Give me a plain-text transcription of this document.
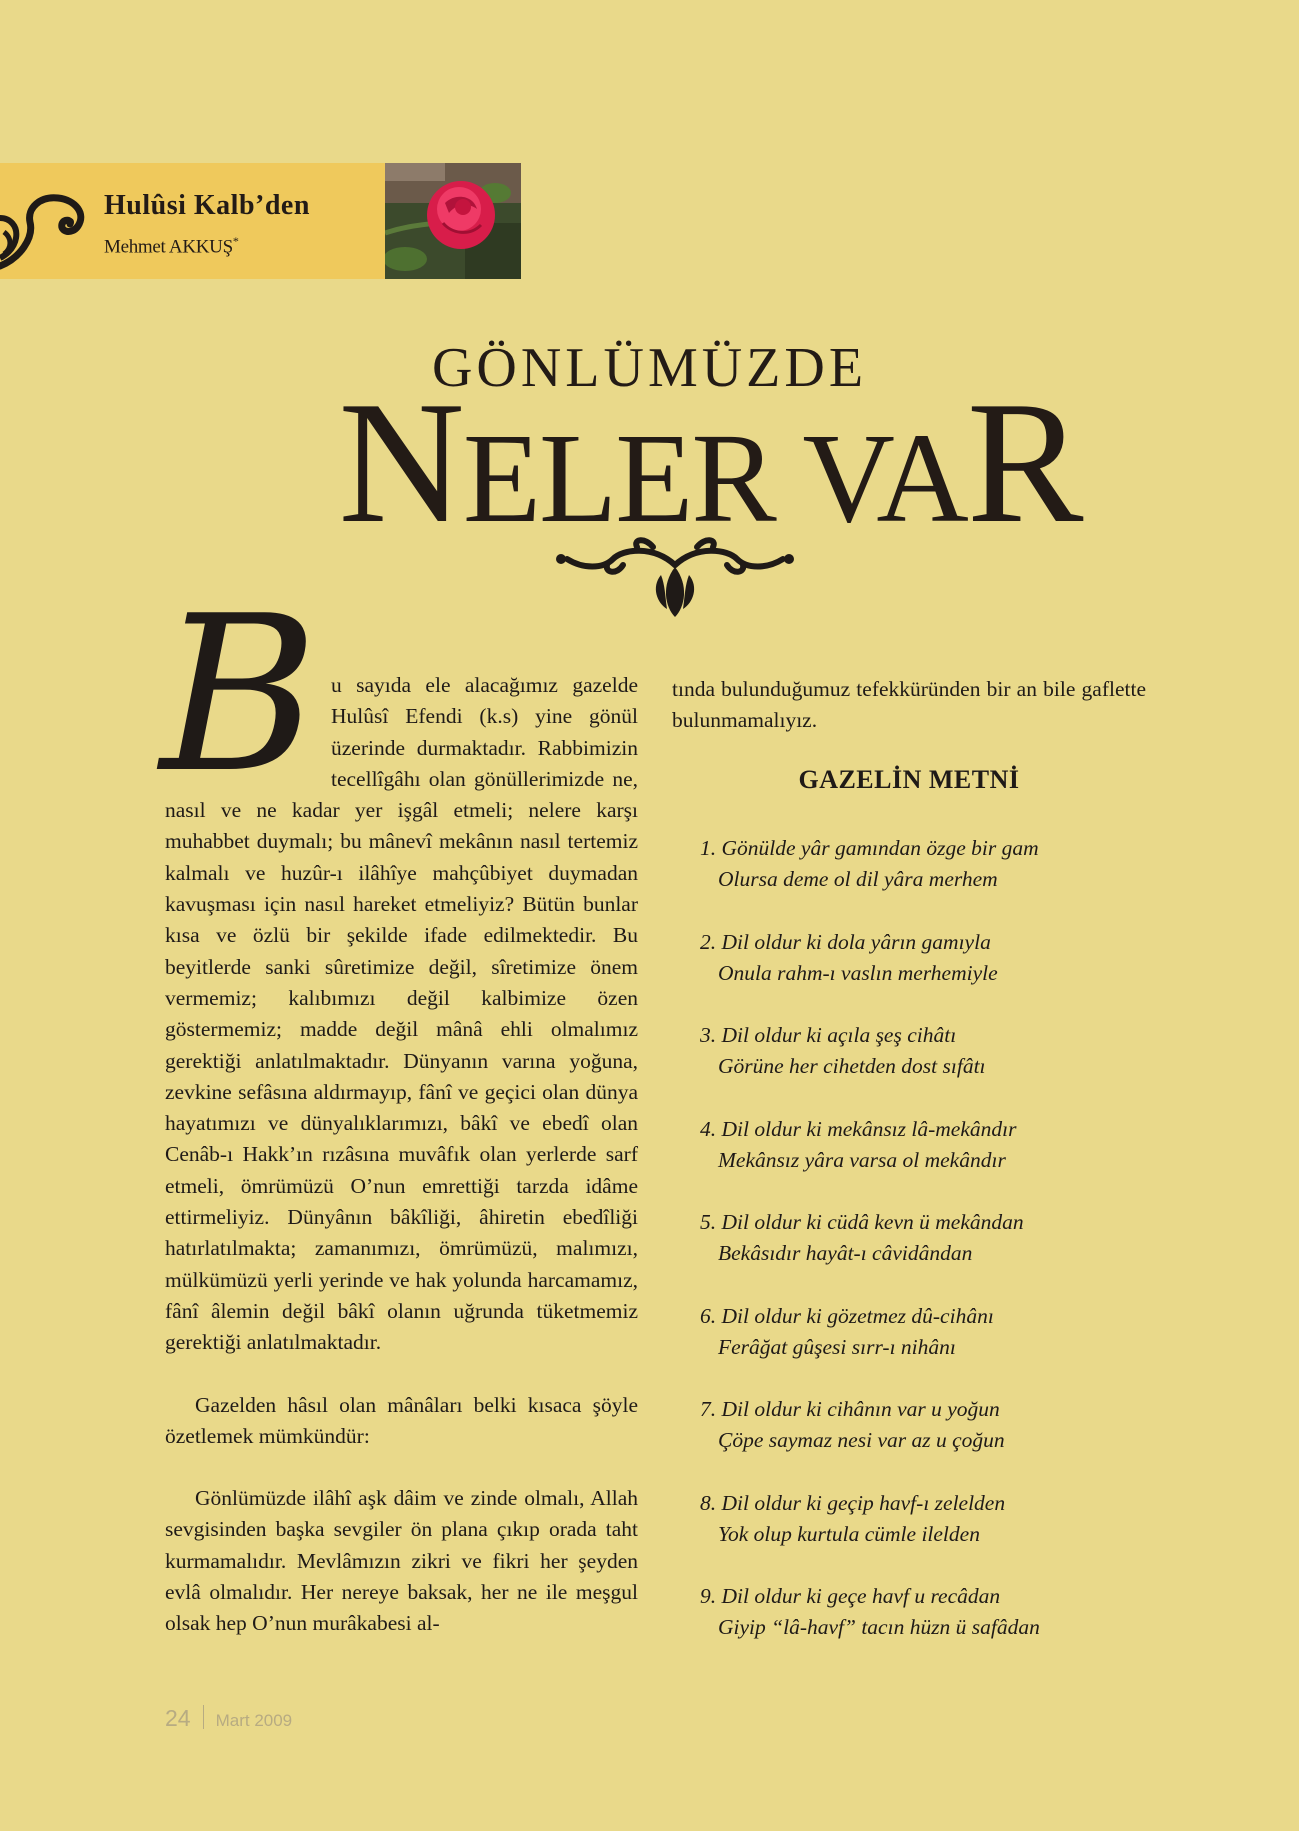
Hulûsi Kalb’den
Mehmet AKKUŞ*
GÖNLÜMÜZDE
NELER VAR
B u sayıda ele alacağımız gazelde Hulûsî Efendi (k.s) yine gönül üzerinde durmaktadır. Rabbimizin tecellîgâhı olan gönüllerimizde ne, nasıl ve ne kadar yer işgâl etmeli; nelere karşı muhabbet duymalı; bu mânevî mekânın nasıl tertemiz kalmalı ve huzûr-ı ilâhîye mahçûbiyet duymadan kavuşması için nasıl hareket etmeliyiz? Bütün bunlar kısa ve özlü bir şekilde ifade edilmektedir. Bu beyitlerde sanki sûretimize değil, sîretimize önem vermemiz; kalıbımızı değil kalbimize özen göstermemiz; madde değil mânâ ehli olmalımız gerektiği anlatılmaktadır. Dünyanın varına yoğuna, zevkine sefâsına aldırmayıp, fânî ve geçici olan dünya hayatımızı ve dünyalıklarımızı, bâkî ve ebedî olan Cenâb-ı Hakk’ın rızâsına muvâfık olan yerlerde sarf etmeli, ömrümüzü O’nun emrettiği tarzda idâme ettirmeliyiz. Dünyânın bâkîliği, âhiretin ebedîliği hatırlatılmakta; zamanımızı, ömrümüzü, malımızı, mülkümüzü yerli yerinde ve hak yolunda harcamamız, fânî âlemin değil bâkî olanın uğrunda tüketmemiz gerektiği anlatılmaktadır.

Gazelden hâsıl olan mânâları belki kısaca şöyle özetlemek mümkündür:

Gönlümüzde ilâhî aşk dâim ve zinde olmalı, Allah sevgisinden başka sevgiler ön plana çıkıp orada taht kurmamalıdır. Mevlâmızın zikri ve fikri her şeyden evlâ olmalıdır. Her nereye baksak, her ne ile meşgul olsak hep O’nun murâkabesi al-

tında bulunduğumuz tefekküründen bir an bile gaflette bulunmamalıyız.

GAZELİN METNİ
1. Gönülde yâr gamından özge bir gam
Olursa deme ol dil yâra merhem
2. Dil oldur ki dola yârın gamıyla
Onula rahm-ı vaslın merhemiyle
3. Dil oldur ki açıla şeş cihâtı
Görüne her cihetden dost sıfâtı
4. Dil oldur ki mekânsız lâ-mekândır
Mekânsız yâra varsa ol mekândır
5. Dil oldur ki cüdâ kevn ü mekândan
Bekâsıdır hayât-ı câvidândan
6. Dil oldur ki gözetmez dû-cihânı
Ferâğat gûşesi sırr-ı nihânı
7. Dil oldur ki cihânın var u yoğun
Çöpe saymaz nesi var az u çoğun
8. Dil oldur ki geçip havf-ı zelelden
Yok olup kurtula cümle ilelden
9. Dil oldur ki geçe havf u recâdan
Giyip “lâ-havf” tacın hüzn ü safâdan
24 Mart 2009
